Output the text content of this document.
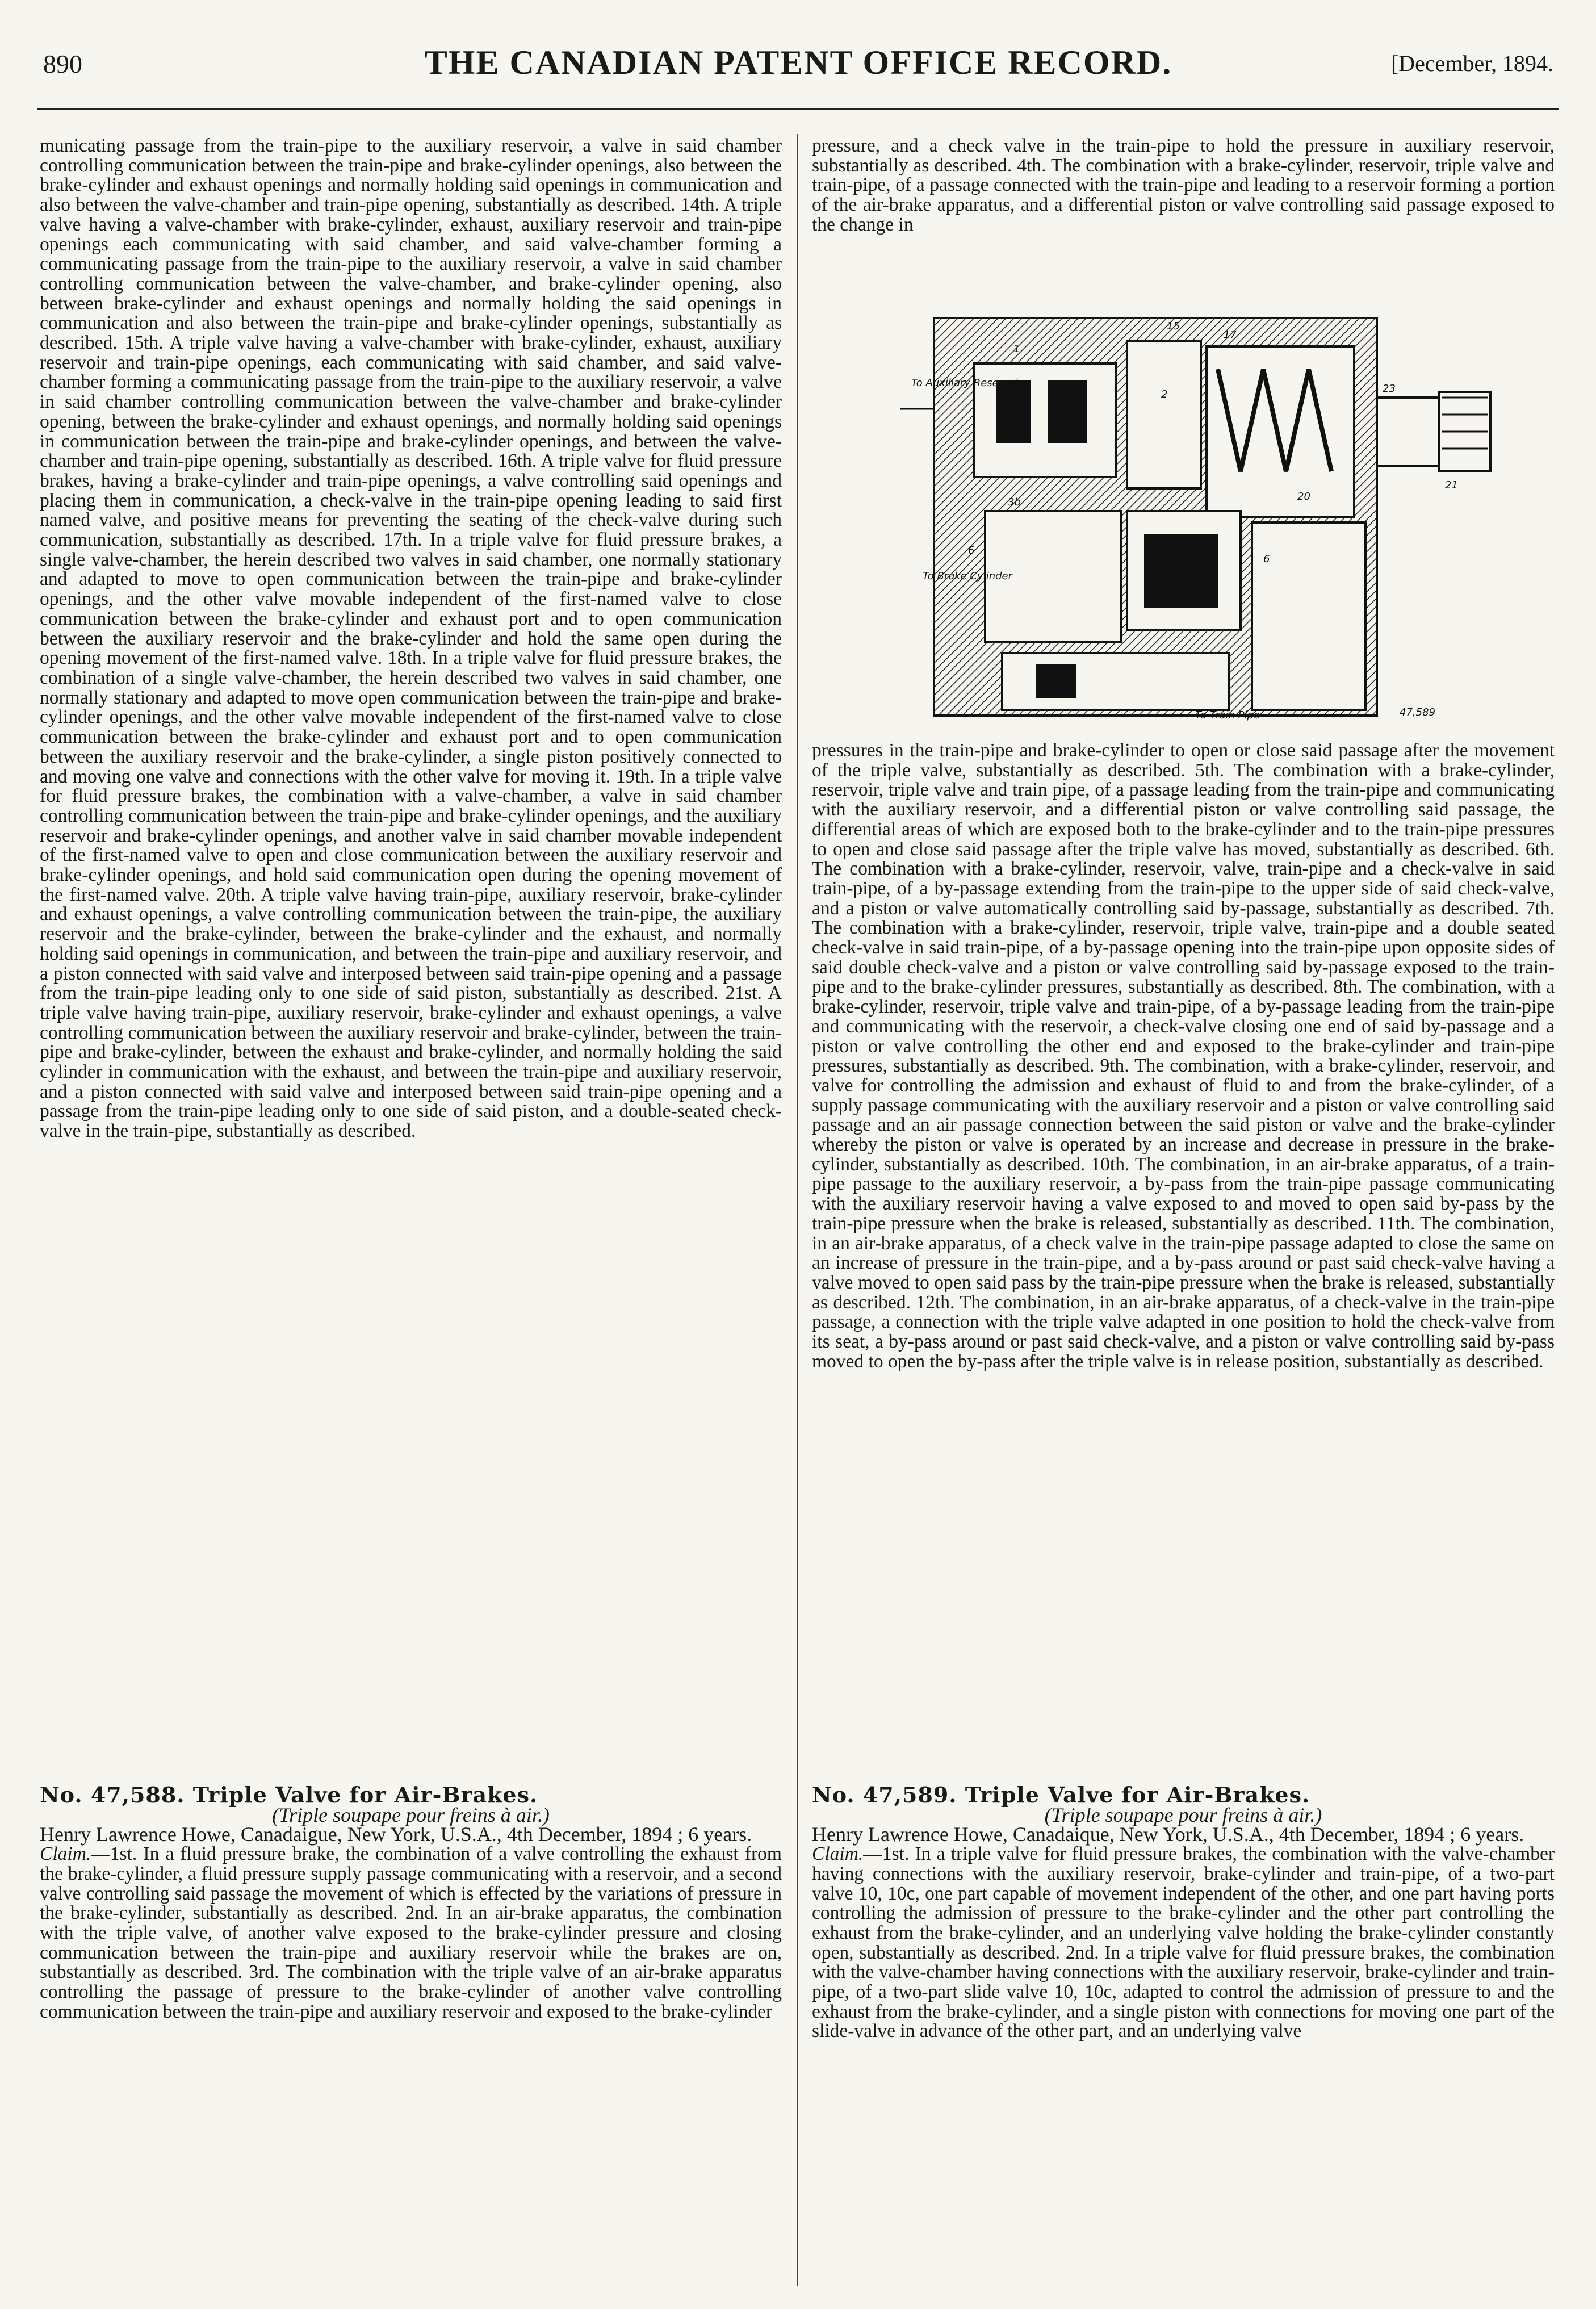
890	THE CANADIAN PATENT OFFICE RECORD.	[December, 1894.

municating passage from the train-pipe to the auxiliary reservoir, a valve in said chamber controlling communication between the train-pipe and brake-cylinder openings, also between the brake-cylinder and exhaust openings and normally holding said openings in communication and also between the valve-chamber and train-pipe opening, substantially as described. 14th. A triple valve having a valve-chamber with brake-cylinder, exhaust, auxiliary reservoir and train-pipe openings each communicating with said chamber, and said valve-chamber forming a communicating passage from the train-pipe to the auxiliary reservoir, a valve in said chamber controlling communication between the valve-chamber, and brake-cylinder opening, also between brake-cylinder and exhaust openings and normally holding the said openings in communication and also between the train-pipe and brake-cylinder openings, substantially as described. 15th. A triple valve having a valve-chamber with brake-cylinder, exhaust, auxiliary reservoir and train-pipe openings, each communicating with said chamber, and said valve-chamber forming a communicating passage from the train-pipe to the auxiliary reservoir, a valve in said chamber controlling communication between the valve-chamber and brake-cylinder opening, between the brake-cylinder and exhaust openings, and normally holding said openings in communication between the train-pipe and brake-cylinder openings, and between the valve-chamber and train-pipe opening, substantially as described. 16th. A triple valve for fluid pressure brakes, having a brake-cylinder and train-pipe openings, a valve controlling said openings and placing them in communication, a check-valve in the train-pipe opening leading to said first named valve, and positive means for preventing the seating of the check-valve during such communication, substantially as described. 17th. In a triple valve for fluid pressure brakes, a single valve-chamber, the herein described two valves in said chamber, one normally stationary and adapted to move to open communication between the train-pipe and brake-cylinder openings, and the other valve movable independent of the first-named valve to close communication between the brake-cylinder and exhaust port and to open communication between the auxiliary reservoir and the brake-cylinder and hold the same open during the opening movement of the first-named valve. 18th. In a triple valve for fluid pressure brakes, the combination of a single valve-chamber, the herein described two valves in said chamber, one normally stationary and adapted to move open communication between the train-pipe and brake-cylinder openings, and the other valve movable independent of the first-named valve to close communication between the brake-cylinder and exhaust port and to open communication between the auxiliary reservoir and the brake-cylinder, a single piston positively connected to and moving one valve and connections with the other valve for moving it. 19th. In a triple valve for fluid pressure brakes, the combination with a valve-chamber, a valve in said chamber controlling communication between the train-pipe and brake-cylinder openings, and the auxiliary reservoir and brake-cylinder openings, and another valve in said chamber movable independent of the first-named valve to open and close communication between the auxiliary reservoir and brake-cylinder openings, and hold said communication open during the opening movement of the first-named valve. 20th. A triple valve having train-pipe, auxiliary reservoir, brake-cylinder and exhaust openings, a valve controlling communication between the train-pipe, the auxiliary reservoir and the brake-cylinder, between the brake-cylinder and the exhaust, and normally holding said openings in communication, and between the train-pipe and auxiliary reservoir, and a piston connected with said valve and interposed between said train-pipe opening and a passage from the train-pipe leading only to one side of said piston, substantially as described. 21st. A triple valve having train-pipe, auxiliary reservoir, brake-cylinder and exhaust openings, a valve controlling communication between the auxiliary reservoir and brake-cylinder, between the train-pipe and brake-cylinder, between the exhaust and brake-cylinder, and normally holding the said cylinder in communication with the exhaust, and between the train-pipe and auxiliary reservoir, and a piston connected with said valve and interposed between said train-pipe opening and a passage from the train-pipe leading only to one side of said piston, and a double-seated check-valve in the train-pipe, substantially as described.

pressure, and a check valve in the train-pipe to hold the pressure in auxiliary reservoir, substantially as described. 4th. The combination with a brake-cylinder, reservoir, triple valve and train-pipe, of a passage connected with the train-pipe and leading to a reservoir forming a portion of the air-brake apparatus, and a differential piston or valve controlling said passage exposed to the change in

6
1
2
6
23
21
15
17
20
3b
38
To Auxiliary Reservoir
To Brake Cylinder
To Train Pipe	47,589

pressures in the train-pipe and brake-cylinder to open or close said passage after the movement of the triple valve, substantially as described. 5th. The combination with a brake-cylinder, reservoir, triple valve and train pipe, of a passage leading from the train-pipe and communicating with the auxiliary reservoir, and a differential piston or valve controlling said passage, the differential areas of which are exposed both to the brake-cylinder and to the train-pipe pressures to open and close said passage after the triple valve has moved, substantially as described. 6th. The combination with a brake-cylinder, reservoir, valve, train-pipe and a check-valve in said train-pipe, of a by-passage extending from the train-pipe to the upper side of said check-valve, and a piston or valve automatically controlling said by-passage, substantially as described. 7th. The combination with a brake-cylinder, reservoir, triple valve, train-pipe and a double seated check-valve in said train-pipe, of a by-passage opening into the train-pipe upon opposite sides of said double check-valve and a piston or valve controlling said by-passage exposed to the train-pipe and to the brake-cylinder pressures, substantially as described. 8th. The combination, with a brake-cylinder, reservoir, triple valve and train-pipe, of a by-passage leading from the train-pipe and communicating with the reservoir, a check-valve closing one end of said by-passage and a piston or valve controlling the other end and exposed to the brake-cylinder and train-pipe pressures, substantially as described. 9th. The combination, with a brake-cylinder, reservoir, and valve for controlling the admission and exhaust of fluid to and from the brake-cylinder, of a supply passage communicating with the auxiliary reservoir and a piston or valve controlling said passage and an air passage connection between the said piston or valve and the brake-cylinder whereby the piston or valve is operated by an increase and decrease in pressure in the brake-cylinder, substantially as described. 10th. The combination, in an air-brake apparatus, of a train-pipe passage to the auxiliary reservoir, a by-pass from the train-pipe passage communicating with the auxiliary reservoir having a valve exposed to and moved to open said by-pass by the train-pipe pressure when the brake is released, substantially as described. 11th. The combination, in an air-brake apparatus, of a check valve in the train-pipe passage adapted to close the same on an increase of pressure in the train-pipe, and a by-pass around or past said check-valve having a valve moved to open said pass by the train-pipe pressure when the brake is released, substantially as described. 12th. The combination, in an air-brake apparatus, of a check-valve in the train-pipe passage, a connection with the triple valve adapted in one position to hold the check-valve from its seat, a by-pass around or past said check-valve, and a piston or valve controlling said by-pass moved to open the by-pass after the triple valve is in release position, substantially as described.

No. 47,588. Triple Valve for Air-Brakes.

(Triple soupape pour freins à air.)

Henry Lawrence Howe, Canadaigue, New York, U.S.A., 4th December, 1894 ; 6 years.

Claim.—1st. In a fluid pressure brake, the combination of a valve controlling the exhaust from the brake-cylinder, a fluid pressure supply passage communicating with a reservoir, and a second valve controlling said passage the movement of which is effected by the variations of pressure in the brake-cylinder, substantially as described. 2nd. In an air-brake apparatus, the combination with the triple valve, of another valve exposed to the brake-cylinder pressure and closing communication between the train-pipe and auxiliary reservoir while the brakes are on, substantially as described. 3rd. The combination with the triple valve of an air-brake apparatus controlling the passage of pressure to the brake-cylinder of another valve controlling communication between the train-pipe and auxiliary reservoir and exposed to the brake-cylinder

No. 47,589. Triple Valve for Air-Brakes.

(Triple soupape pour freins à air.)

Henry Lawrence Howe, Canadaique, New York, U.S.A., 4th December, 1894 ; 6 years.

Claim.—1st. In a triple valve for fluid pressure brakes, the combination with the valve-chamber having connections with the auxiliary reservoir, brake-cylinder and train-pipe, of a two-part valve 10, 10c, one part capable of movement independent of the other, and one part having ports controlling the admission of pressure to the brake-cylinder and the other part controlling the exhaust from the brake-cylinder, and an underlying valve holding the brake-cylinder constantly open, substantially as described. 2nd. In a triple valve for fluid pressure brakes, the combination with the valve-chamber having connections with the auxiliary reservoir, brake-cylinder and train-pipe, of a two-part slide valve 10, 10c, adapted to control the admission of pressure to and the exhaust from the brake-cylinder, and a single piston with connections for moving one part of the slide-valve in advance of the other part, and an underlying valve
